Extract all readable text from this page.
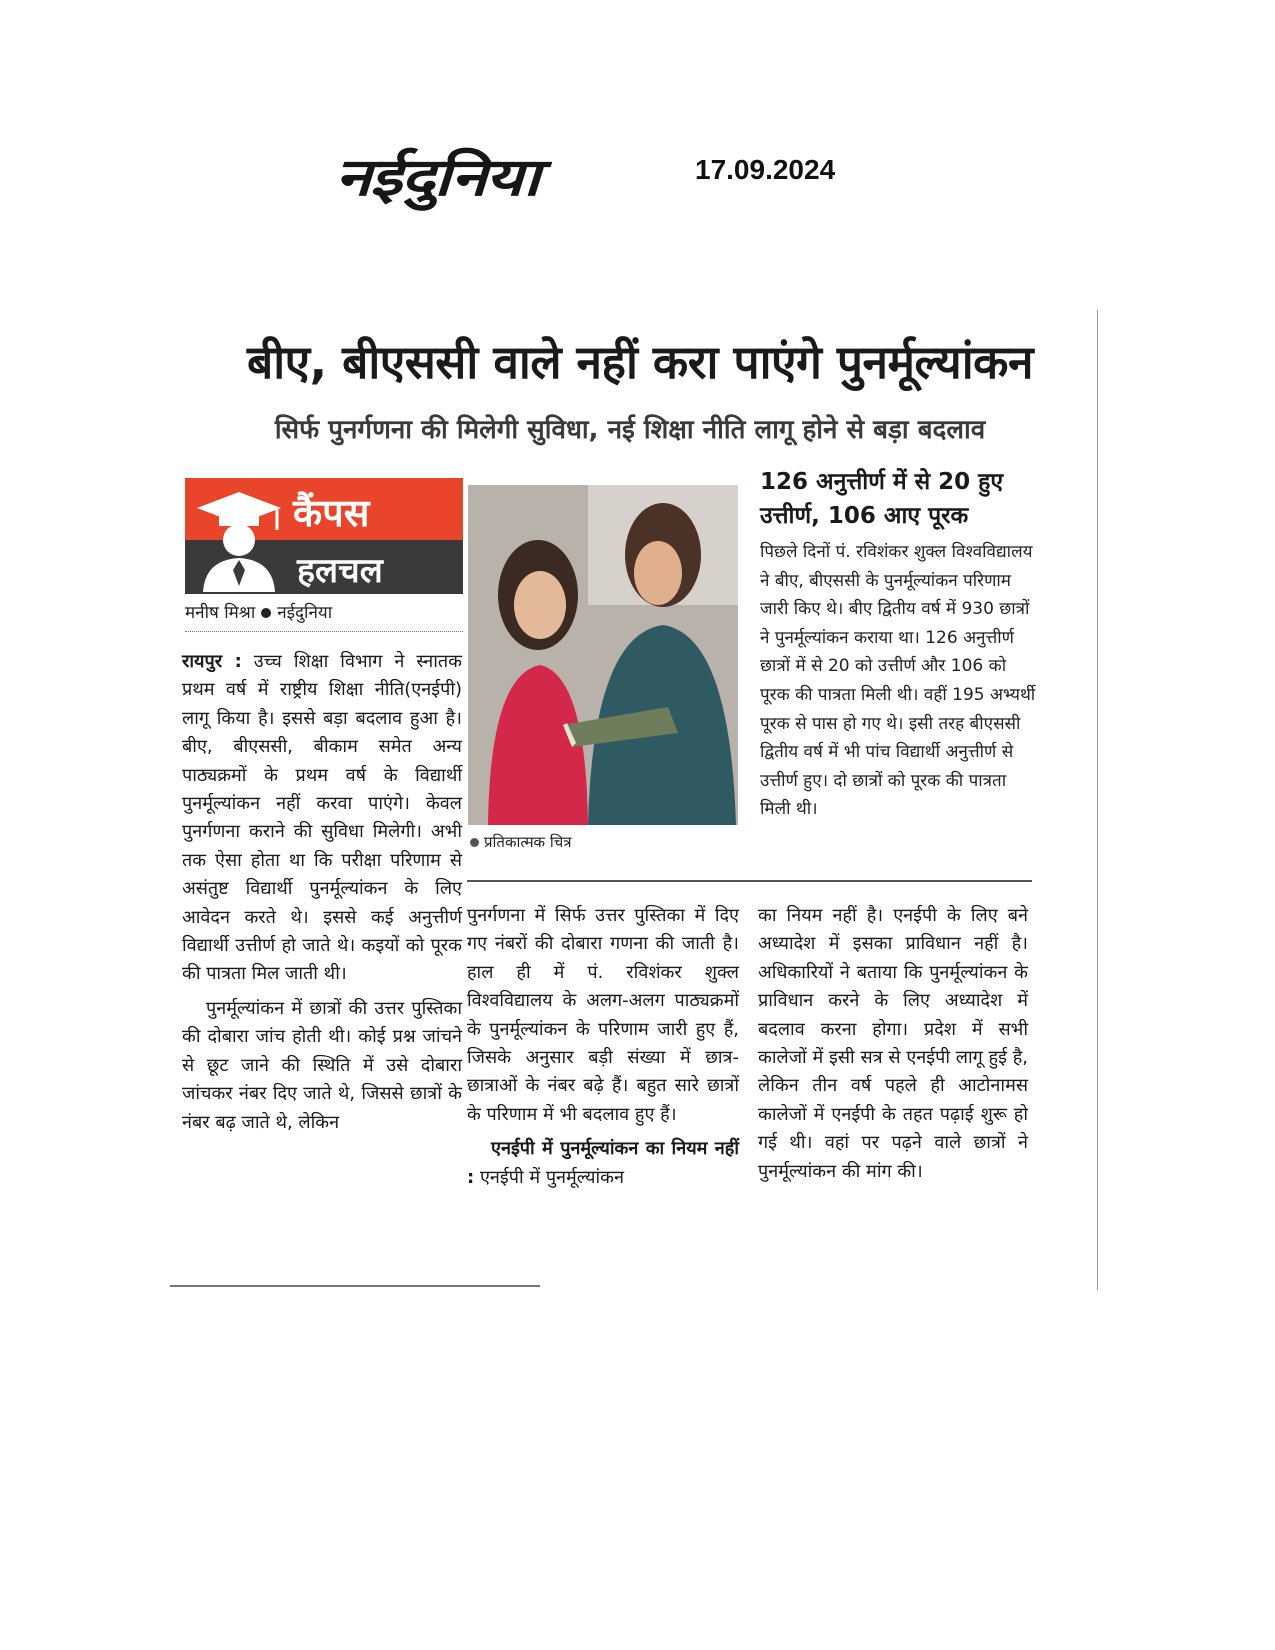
नईदुनिया	17.09.2024
बीए, बीएससी वाले नहीं करा पाएंगे पुनर्मूल्यांकन
सिर्फ पुनर्गणना की मिलेगी सुविधा, नई शिक्षा नीति लागू होने से बड़ा बदलाव
कैंपस
हलचल
मनीष मिश्रा नईदुनिया

रायपुर : उच्च शिक्षा विभाग ने स्नातक प्रथम वर्ष में राष्ट्रीय शिक्षा नीति(एनईपी) लागू किया है। इससे बड़ा बदलाव हुआ है। बीए, बीएससी, बीकाम समेत अन्य पाठ्यक्रमों के प्रथम वर्ष के विद्यार्थी पुनर्मूल्यांकन नहीं करवा पाएंगे। केवल पुनर्गणना कराने की सुविधा मिलेगी। अभी तक ऐसा होता था कि परीक्षा परिणाम से असंतुष्ट विद्यार्थी पुनर्मूल्यांकन के लिए आवेदन करते थे। इससे कई अनुत्तीर्ण विद्यार्थी उत्तीर्ण हो जाते थे। कइयों को पूरक की पात्रता मिल जाती थी।

पुनर्मूल्यांकन में छात्रों की उत्तर पुस्तिका की दोबारा जांच होती थी। कोई प्रश्न जांचने से छूट जाने की स्थिति में उसे दोबारा जांचकर नंबर दिए जाते थे, जिससे छात्रों के नंबर बढ़ जाते थे, लेकिन

प्रतिकात्मक चित्र
126 अनुत्तीर्ण में से 20 हुए उत्तीर्ण, 106 आए पूरक

पिछले दिनों पं. रविशंकर शुक्ल विश्वविद्यालय ने बीए, बीएससी के पुनर्मूल्यांकन परिणाम जारी किए थे। बीए द्वितीय वर्ष में 930 छात्रों ने पुनर्मूल्यांकन कराया था। 126 अनुत्तीर्ण छात्रों में से 20 को उत्तीर्ण और 106 को पूरक की पात्रता मिली थी। वहीं 195 अभ्यर्थी पूरक से पास हो गए थे। इसी तरह बीएससी द्वितीय वर्ष में भी पांच विद्यार्थी अनुत्तीर्ण से उत्तीर्ण हुए। दो छात्रों को पूरक की पात्रता मिली थी।

पुनर्गणना में सिर्फ उत्तर पुस्तिका में दिए गए नंबरों की दोबारा गणना की जाती है। हाल ही में पं. रविशंकर शुक्ल विश्वविद्यालय के अलग-अलग पाठ्यक्रमों के पुनर्मूल्यांकन के परिणाम जारी हुए हैं, जिसके अनुसार बड़ी संख्या में छात्र-छात्राओं के नंबर बढ़े हैं। बहुत सारे छात्रों के परिणाम में भी बदलाव हुए हैं।

एनईपी में पुनर्मूल्यांकन का नियम नहीं : एनईपी में पुनर्मूल्यांकन

का नियम नहीं है। एनईपी के लिए बने अध्यादेश में इसका प्राविधान नहीं है। अधिकारियों ने बताया कि पुनर्मूल्यांकन के प्राविधान करने के लिए अध्यादेश में बदलाव करना होगा। प्रदेश में सभी कालेजों में इसी सत्र से एनईपी लागू हुई है, लेकिन तीन वर्ष पहले ही आटोनामस कालेजों में एनईपी के तहत पढ़ाई शुरू हो गई थी। वहां पर पढ़ने वाले छात्रों ने पुनर्मूल्यांकन की मांग की।
